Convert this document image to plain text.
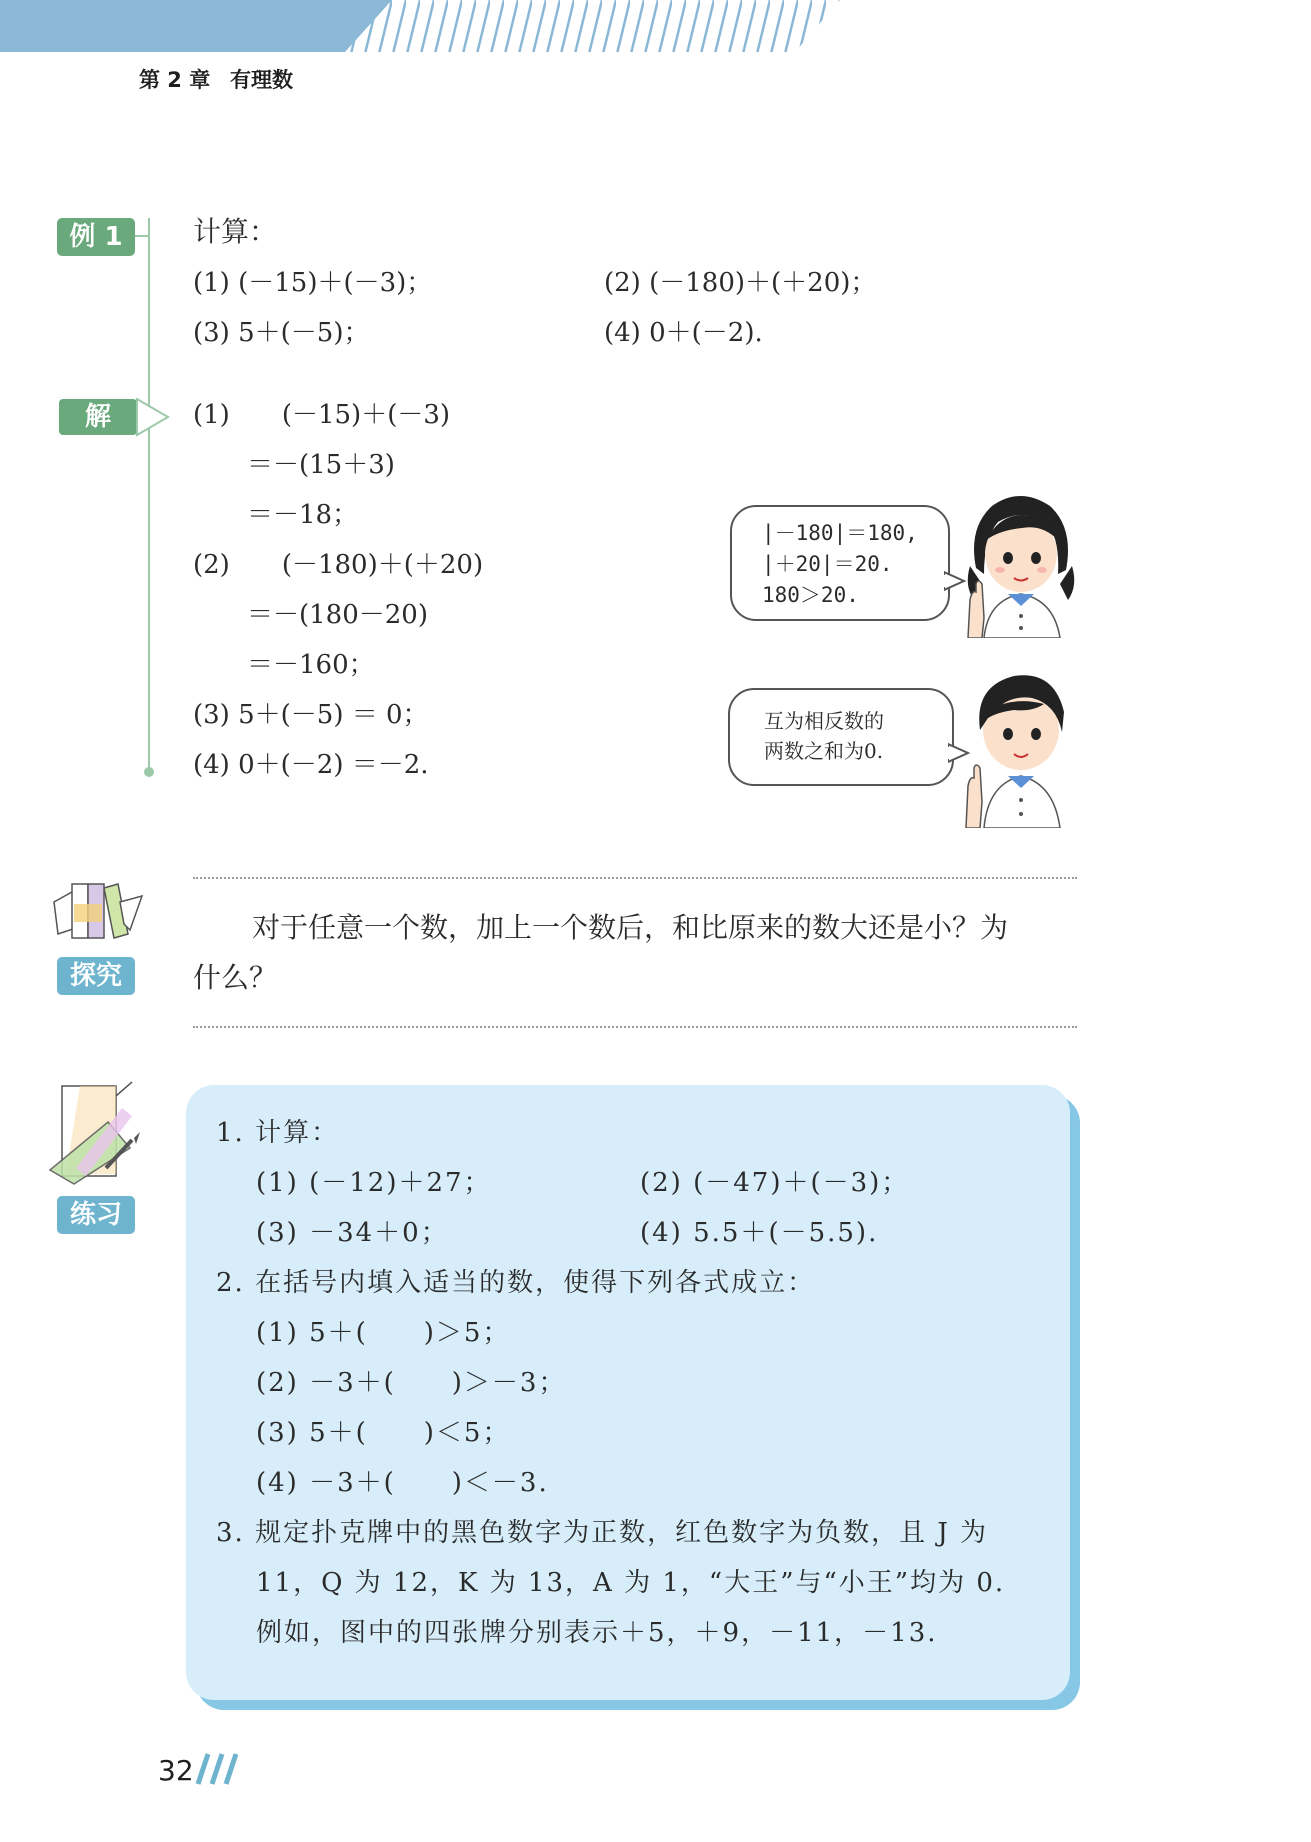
第 2 章 有理数
例 1	计算：
(1) (－15)＋(－3)；	(2) (－180)＋(＋20)；
(3) 5＋(－5)；	(4) 0＋(－2).
解	(1)　　(－15)＋(－3)
＝－(15＋3)
＝－18；
(2)　　(－180)＋(＋20)
＝－(180－20)
＝－160；
(3) 5＋(－5) ＝ 0；
(4) 0＋(－2) ＝－2.
|－180|＝180,
|＋20|＝20.
180＞20.
互为相反数的
两数之和为0.
探究
对于任意一个数，加上一个数后，和比原来的数大还是小？为
什么？
练习
1. 计算：
(1) (－12)＋27；	(2) (－47)＋(－3)；
(3) －34＋0；	(4) 5.5＋(－5.5).
2. 在括号内填入适当的数，使得下列各式成立：
(1) 5＋(　　)＞5；
(2) －3＋(　　)＞－3；
(3) 5＋(　　)＜5；
(4) －3＋(　　)＜－3.
3. 规定扑克牌中的黑色数字为正数，红色数字为负数，且 J 为
11，Q 为 12，K 为 13，A 为 1，“大王”与“小王”均为 0.
例如，图中的四张牌分别表示＋5，＋9，－11，－13.
32
